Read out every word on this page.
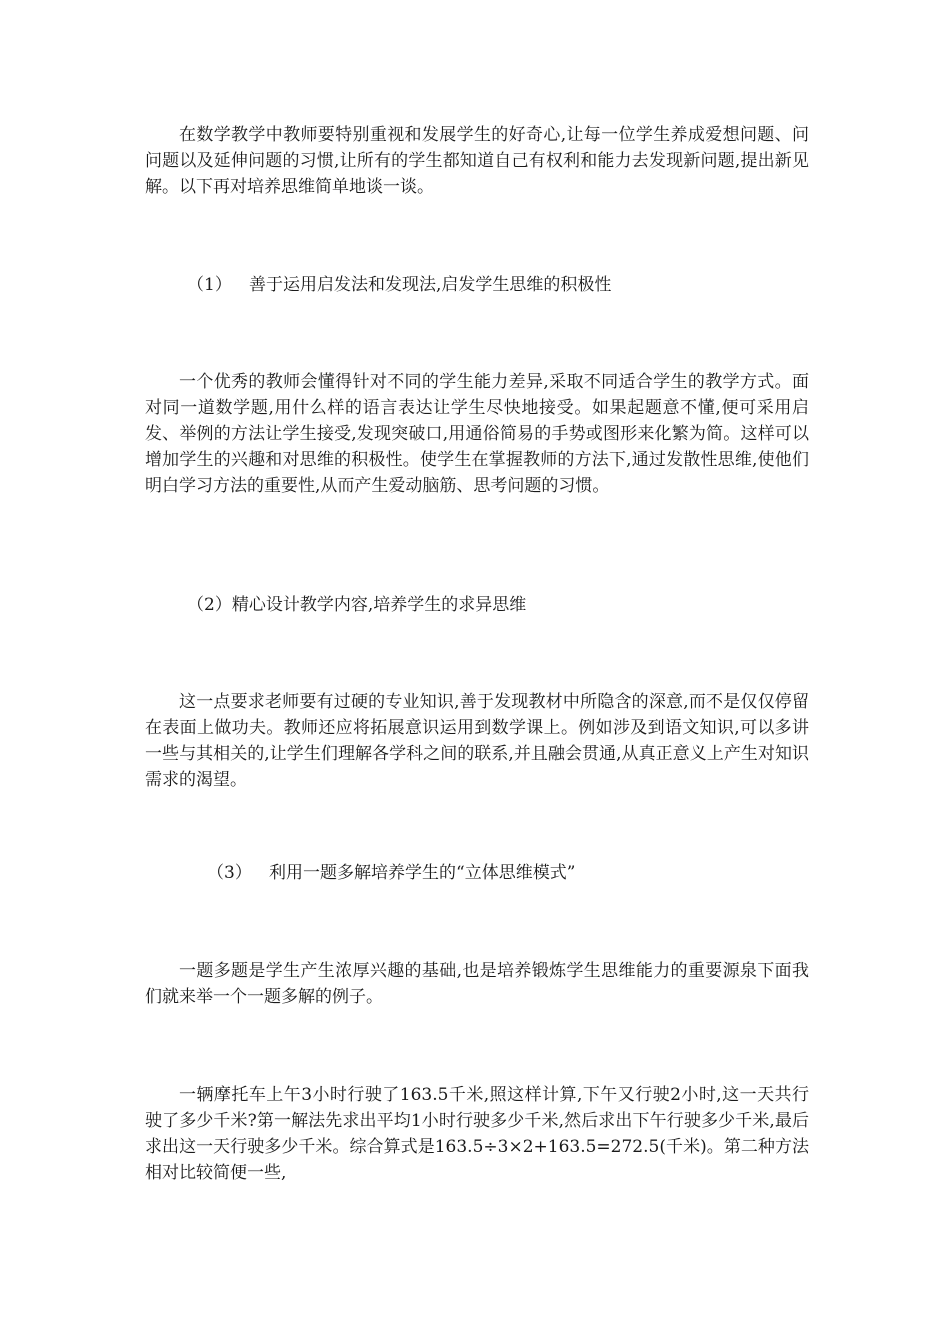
在数学教学中教师要特别重视和发展学生的好奇心,让每一位学生养成爱想问题、问问题以及延伸问题的习惯,让所有的学生都知道自己有权利和能力去发现新问题,提出新见解。以下再对培养思维简单地谈一谈。

（1） 善于运用启发法和发现法,启发学生思维的积极性

一个优秀的教师会懂得针对不同的学生能力差异,采取不同适合学生的教学方式。面对同一道数学题,用什么样的语言表达让学生尽快地接受。如果起题意不懂,便可采用启发、举例的方法让学生接受,发现突破口,用通俗简易的手势或图形来化繁为简。这样可以增加学生的兴趣和对思维的积极性。使学生在掌握教师的方法下,通过发散性思维,使他们明白学习方法的重要性,从而产生爱动脑筋、思考问题的习惯。

（2）精心设计教学内容,培养学生的求异思维

这一点要求老师要有过硬的专业知识,善于发现教材中所隐含的深意,而不是仅仅停留在表面上做功夫。教师还应将拓展意识运用到数学课上。例如涉及到语文知识,可以多讲一些与其相关的,让学生们理解各学科之间的联系,并且融会贯通,从真正意义上产生对知识需求的渴望。

（3） 利用一题多解培养学生的“立体思维模式”

一题多题是学生产生浓厚兴趣的基础,也是培养锻炼学生思维能力的重要源泉下面我们就来举一个一题多解的例子。

一辆摩托车上午3小时行驶了163.5千米,照这样计算,下午又行驶2小时,这一天共行驶了多少千米?第一解法先求出平均1小时行驶多少千米,然后求出下午行驶多少千米,最后求出这一天行驶多少千米。综合算式是163.5÷3×2+163.5=272.5(千米)。第二种方法相对比较简便一些,
